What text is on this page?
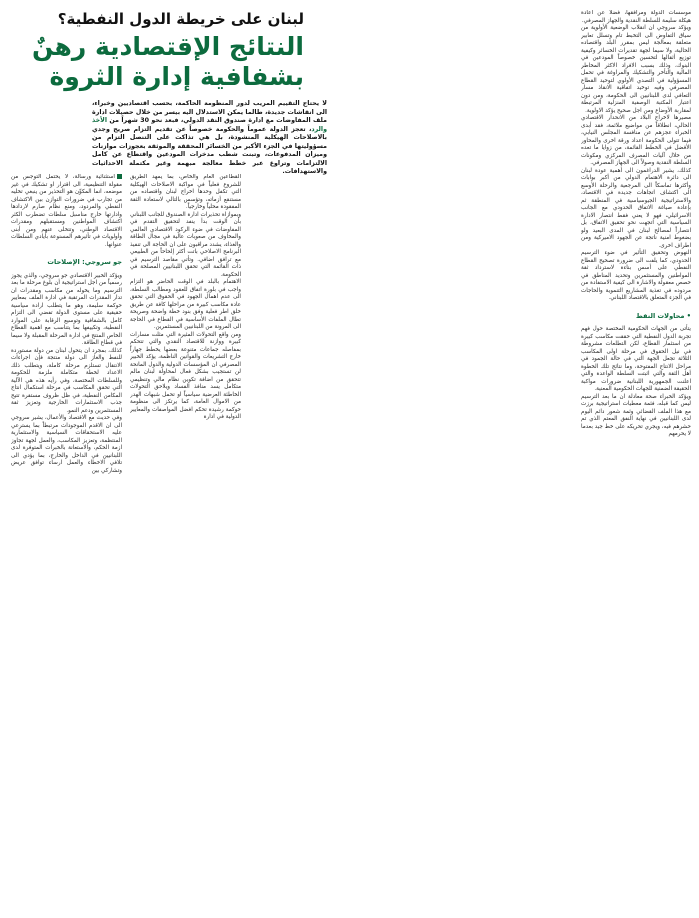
لبنان على خريطة الدول النفطية؟
النتائج الإقتصادية رهنٌ
بشفافية إدارة الثروة
لا يحتاج التقييم المريب لدور المنظومة الحاكمة، بحسب اقتصاديين وخبراء، الى انقاشات جديدة، طالما يمكن الاستدلال اليه بيسر من خلال حصيلات ادارة ملف المفاوضات مع ادارة صندوق النقد الدولي، فبعد نحو 30 شهراً من الأخذ والرد، تعجز الدولة عموماً والحكومة خصوصاً عن تقديم التزام صريح وجدي بالاصلاحات الهيكلية المنشودة، بل هي تذاكت على التنصل التزام من مسؤوليتها في الجزء الأكبر من الخسائر المحققة والموثقة بعجوزات موازنات وميزان المدفوعات، وتبنت شطب مدخرات المودعين واقتطاع عن كامل الالتزامات وتراوغ عبر خطط معالجة مبهمة وغير مكتملة الاحداثيات والاستهدافات.

موسسات الدولة ومرافقها، فضلاً عن اعادة هيكلة سليمة للسلطة النقدية والجهاز المصرفي.

ويؤكد سروجي ان انقلاب الوضعية الأولوية من سياق التفاوض الى التخبط تام وتسلل تعابير متعلقة بمعالجة ليس بمقرر البلد واقتصاده الحالية، ولا سيما لجهة تقديرات الخسائر وكيفية توزيع أثقالها لتحسين خصوصاً المودعين في البنوك، وذلك بسبب الافراد الاكثر المخاطر المالية والتأخر والتشكيك والمراوغة في تحمل المسؤولية في التصدي الأولوي لتوحيد القطاع المصرفي وفيه توخيد اتفاقية الانقاذ مسار التعافي لدى اللبنانيين الى الحكومة، ومن دون اعتبار المكتبة الوصفية المنزلية المرتبطة لمقاربة الأوضاع ومن اجل صحيح يؤكد الاولوية.

مصيرها لاخراج البلاد من الانحدار الاقتصادي الحالي، انطلاقاً من مواضيع ملائمة، فقد أبدى الخبراء عجزهم عن منافسة المجلس النيابي، فيما تتولى الحكومة اعداد ورقة اخرى والمحاور الأفضل في الخطط القائمة، من زوايا ما تعده من خلال آليات المصرف المركزي ومكونات السلطة النقدية وصولاً الى الجهاز المصرفي.

كذلك، يشير الدراغمون الى أهمية عودة لبنان الى دائرة الاهتمام الدولي من أكبر بوابات وأكثرها تماسكاً الى المرجعية والرحلة الأوسع الى اكتشاف اتجاهات جديدة في الاقتصاد، والاستراتيجية الجيوسياسية في المنطقة ثم بإعادة صياغة الاتفاق الحدودي مع الجانب الاسرائيلي، فهو لا يعني فقط انتصار الادارة السياسية التي اتجهت نحو تحقيق الاتفاق، بل انتصاراً لمصالح لبنان في المدى البعيد ولو بضغوط امنية ناتجة عن الجهود الاميركية ومن اطراف اخرى.

النهوض وتحقيق التأثير في ضوء الترسيم الحدودي، كما يلفت الى ضرورة تصحيح القطاع النفطي على أسس بناءة لاسترداد ثقة المواطنين والمستثمرين وتحديد المناطق في حصص معقولة والاشارة الى كيفية الاستفادة من مردوده في تغذية المشاريع التنموية والحاجات في الجزء المتعلق بالاقتصاد اللبناني.

• محاولات النفط

يتأتى من الجهات الحكومية المختصة حول فهم تجربة الدول النفطية التي حققت مكاسب كبيرة من استثمار القطاع، لكن التطلعات مشروطة في نيل الحقوق في مرحلة اولى المكاسب الثلاثة تجعل الجهة التي في حالة الجمود في مراحل الانتاج المفتوحة، وما نتائج تلك الخطوة أهل الثقة والتي اثبتت السلطة الواعدة والتي اعلنت الجمهورية اللبنانية ضرورات مواكبة الحقيقة الضمنية للجهات الحكومية المعنية.

ويؤكد الخبراء صحة معادلة ان ما بعد الترسيم ليس كما قبله، فثمة معطيات استراتيجية برزت مع هذا الملف القضائي وثمة شعور دائم اليوم لدى اللبنانيين في نهاية النفق المعتم الذي تم حشرهم فيه، ويجري تحريكه على خط جيد بعدما لا يحرمهم

القطاعين العام والخاص، بما يمهد الطريق للشروع فعلياً في مواكبة الاصلاحات الهيكلية التي تكفل وحدها اخراج لبنان واقتصاده من مستنقع أزماته، وتؤسس بالتالي لاستعادة الثقة المفقودة محلياً وخارجياً.

وبموازاة تحذيرات ادارة الصندوق للجانب اللبناني بأن الوقت بدأ ينفد لتحقيق التقدم في المفاوضات في ضوء الركود الاقتصادي العالمي والمخاوف من صعوبات عالية في مجال الطاقة والغذاء، يشدد مراقبون على ان الحاجة الى تنفيذ البرنامج الاصلاحي باتت أكثر إلحاحاً من الطبيعي مع ترافق اضافي. وتأتي مقاصد الترسيم في ذات القائمة التي تحقق اللبنانيين المصلحة في الحكومة.

الاهتمام بالبلد في الوقت الحاضر هو التزام واجب في بلورة اتفاق للعقود ومطالب السلطة، الى عدم اهمال الجهود في الحقوق التي تحقق عادة مكاسب كبيرة من مراحلها كافة عن طريق خلق اطر فعلية وفق بنود خطة واضحة وصريحة تطال الملفات الأساسية في القطاع في الحاجة الى المرونة من اللبنانيين المستثمرين.

ومن واقع التحولات المثيرة التي مثلت مسارات كبيرة ووازنة للاقتصاد النقدي والتي تتحكم بمفاصله جماعات متنوعة بعضها يخطط جهاراً خارج التشريعات والقوانين الناظمة، يؤكد الخبير المصرفي ان المؤسسات الدولية والدول المانحة لن تستجيب بشكل فعال لمحاولة لبنان مالم تتحقق من اضافة تكوين نظام مالي وتنظيمي متكامل يسد منافذ الفساد ويلاحق التحولات الخاطئة العرضية سياسياً او تحمل شبهات الهدر من الاموال العامة، كما يرتكز الى منظومة حوكمة رشيدة تحكم افضل المواصفات والمعايير الدولية في ادارة

استثنائية ورسالة، لا يحتمل التوجس من مقولة التنظيمية، الى اقترار او تشكيك في غير موضعه، انما المكوِّن هو التحذير من ينبغي تخليه من تجارب في ضرورات التوازن بين الاكتشاف النفطي والمردود، ومنع نظام صارم لاردادها وادارتها خارج مناسبل سلطات تضطرب الكثر اكتشاف المواطنين ومستقبلهم ومقدرات الاقتصاد الوطني، وتتخلى عنهم ومن أبنى وأولويات في تأثيرهم المسنوعة بأيادي السلطات عنوانها.

جو سروجي: الإصلاحات

ويؤكد الخبير الاقتصادي جو سروجي، والذي يجوز رسمياً من اجل استراتيجية أن بلوغ مرحلة ما بعد الترسيم وما يخوله من مكاسب ومقدرات ان تدار المقدرات المرتقبة في ادارة الملف بمعايير حوكمة سليمة، وهو ما يتطلب ارادة سياسية حقيقية على مستوى الدولة تفضي الى التزام كامل بالشفافية وتوسيع الرقابة على الموارد النفطية، وتكييفها بما يتناسب مع اهمية القطاع الخاص المنتج في ادارة المرحلة المقبلة ولا سيما في قطاع الطاقة.

كذلك، بمجرد ان يتحول لبنان من دولة مستوردة للنفط والغاز الى دولة منتجة فإن اجراءات الانتقال تستلزم مرحلة كاملة، ويتطلب ذلك الاعداد لخطة متكاملة ملزمة للحكومة وللسلطات المختصة، وفي رأيه هذه هي الآلية التي تحقق المكاسب في مرحلة استكمال انتاج المكامن النفطية، في ظل ظروف مستقرة تتيح جذب الاستثمارات الخارجية وتعزيز ثقة المستثمرين ودعم النمو.

وفي حديث مع الاقتصاد والأعمال، يشير سروجي الى ان الاقدم الموجودات مرتبطاً بما يسترعي عليه الاستحقاقات السياسية والاستثمارية المنتظمة، وتعزيز المكاسب، والعمل لجهة تجاوز ازمة الحكم، والاستعانة بالخبرات المتوفرة لدى اللبنانيين في الداخل والخارج، بما يؤدي الى تلافي الاخطاء والعمل ارساء توافق عريض وتشاركي بين
